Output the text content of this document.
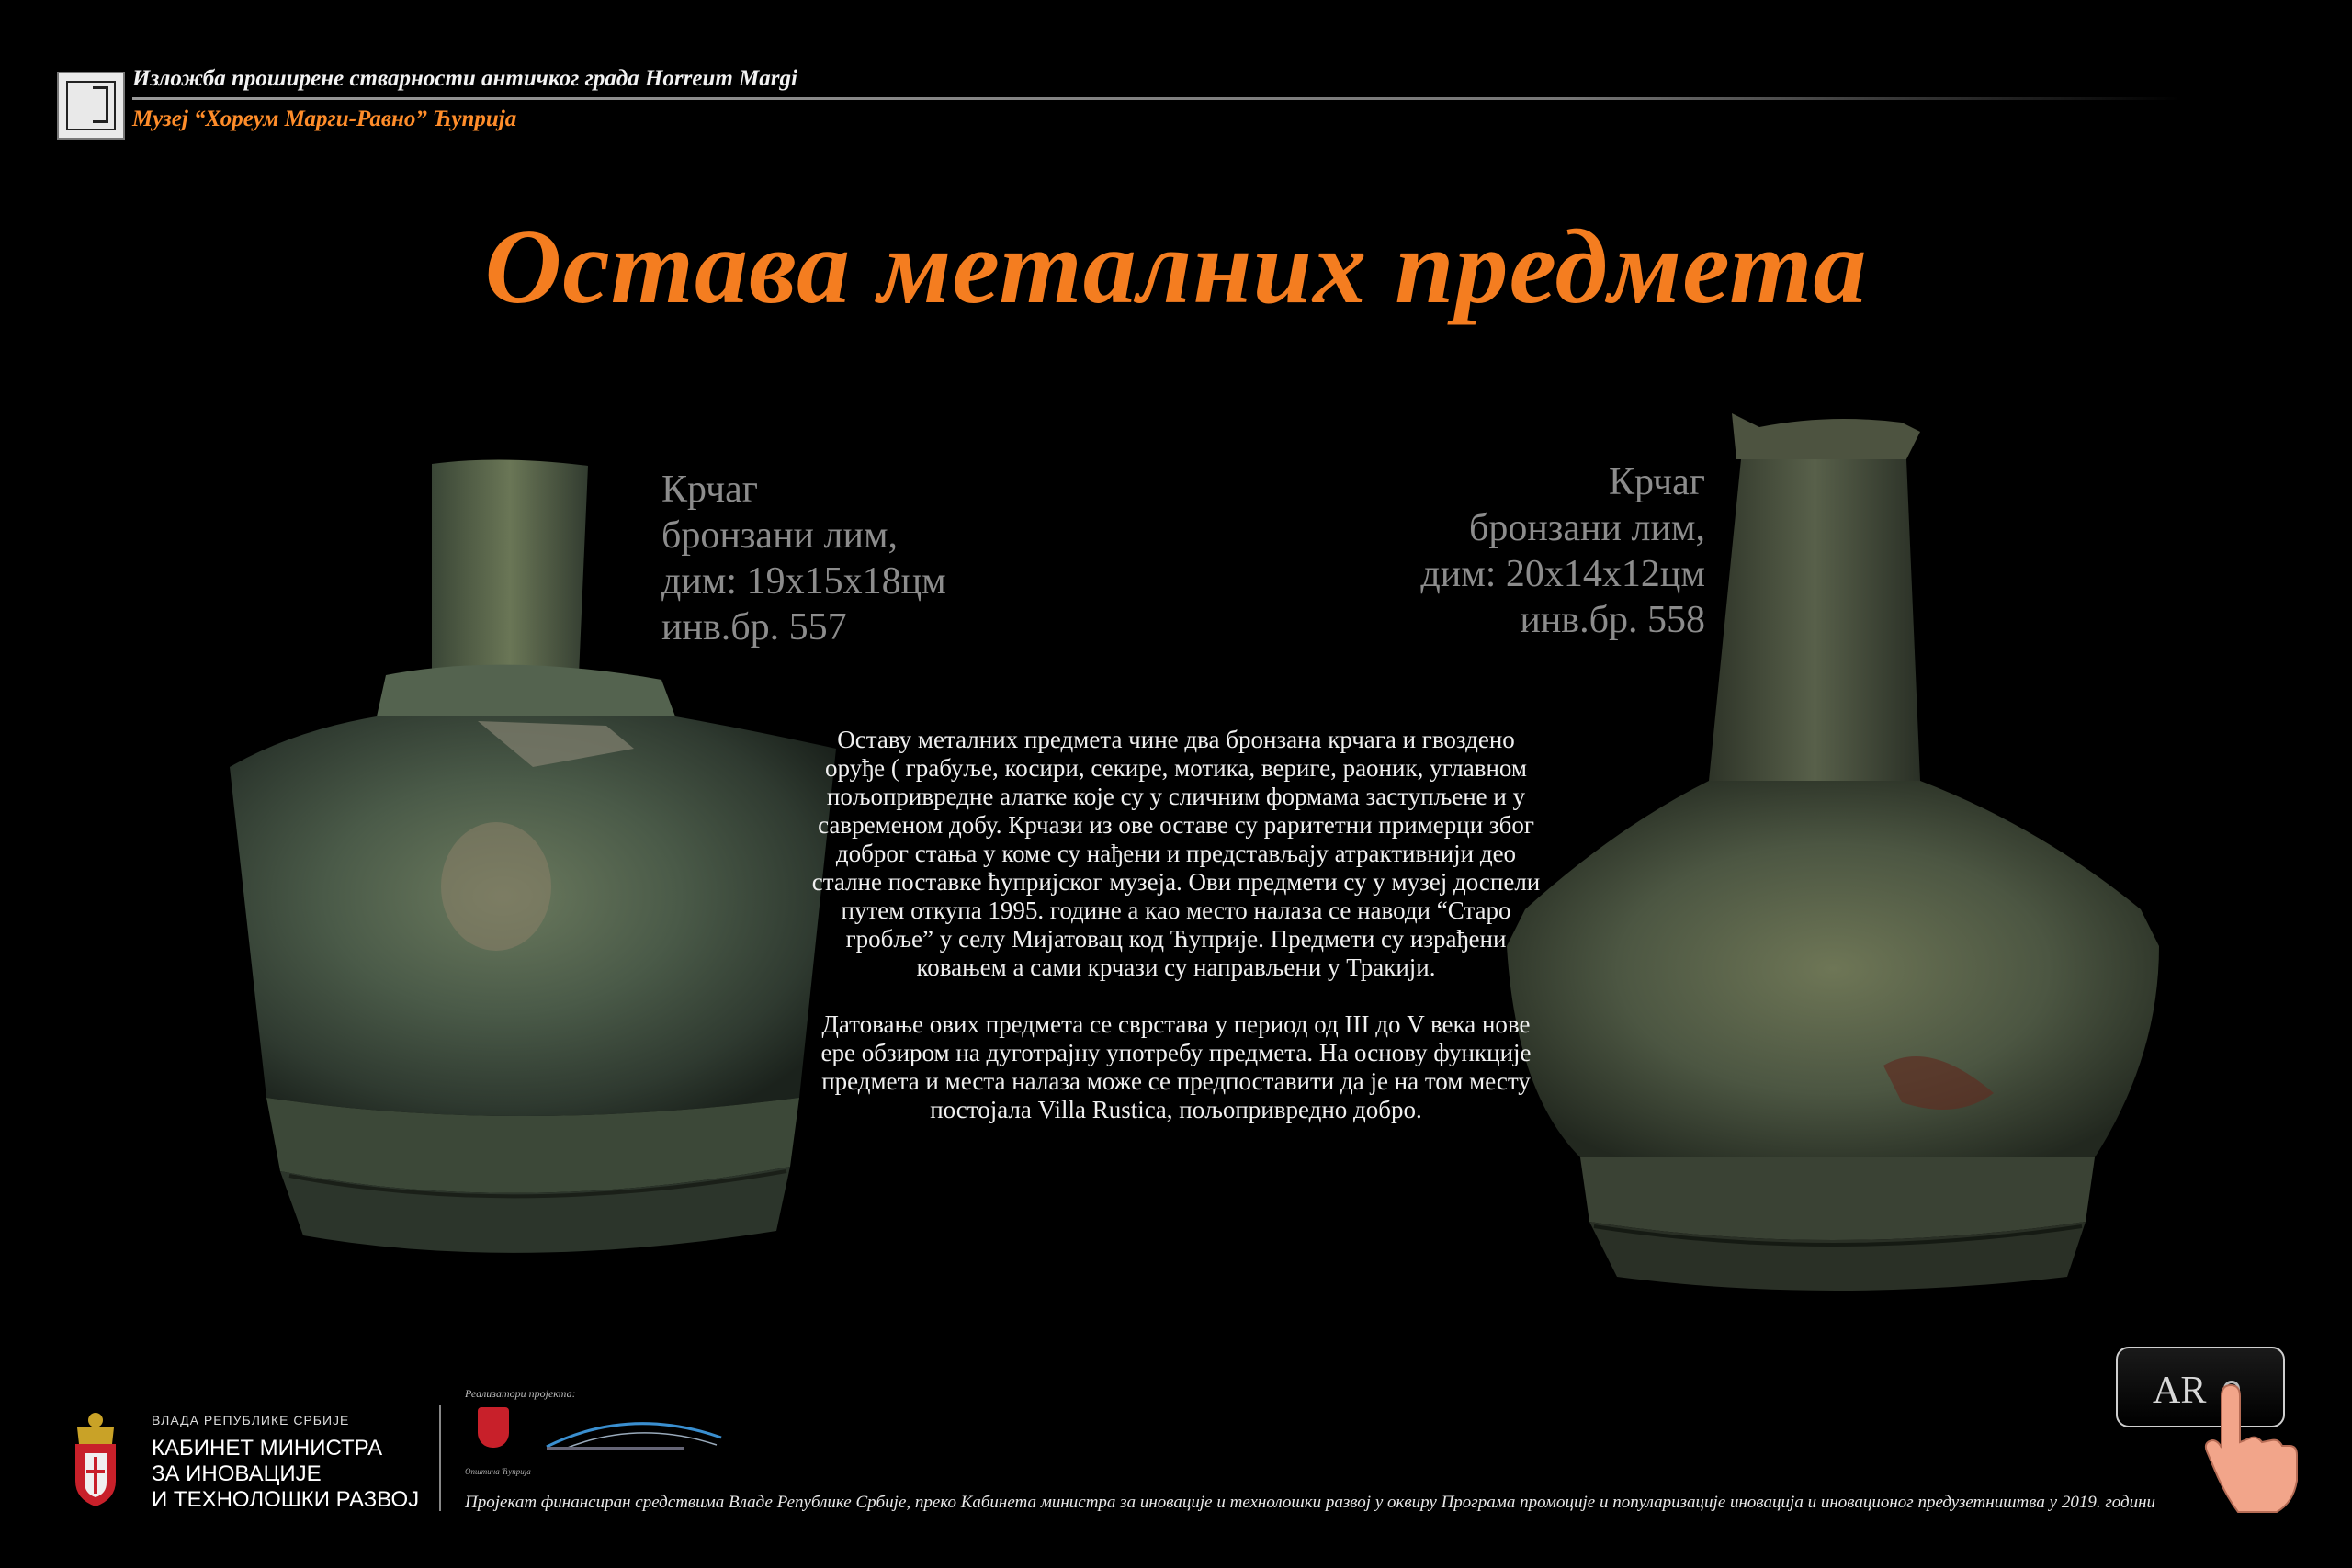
Изложба проширене стварности античког града Horreum Margi
Музеј “Хореум Марги-Равно” Ћуприја
Остава металних предмета
Крчаг
бронзани лим,
дим: 19x15x18цм
инв.бр. 557
Крчаг
бронзани лим,
дим: 20x14x12цм
инв.бр. 558

Оставу металних предмета чине два бронзана крчага и гвоздено оруђе ( грабуље, косири, секире, мотика, вериге, раоник, углавном пољопривредне алатке које су у сличним формама заступљене и у савременом добу. Крчази из ове оставе су раритетни примерци због доброг стања у коме су нађени и представљају атрактивнији део сталне поставке ћупријског музеја. Ови предмети су у музеј доспели путем откупа 1995. године а као место налаза се наводи “Старо гробље” у селу Мијатовац код Ћуприје. Предмети су израђени ковањем а сами крчази су направљени у Тракији.

Датовање ових предмета се сврстава у период од III до V века нове ере обзиром на дуготрајну употребу предмета. На основу функције предмета и места налаза може се предпоставити да је на том месту постојала Villa Rustica, пољопривредно добро.

ВЛАДА РЕПУБЛИКЕ СРБИЈЕ
КАБИНЕТ МИНИСТРА
ЗА ИНОВАЦИЈЕ
И ТЕХНОЛОШКИ РАЗВОЈ
Реализатори пројекта:
Општина Ћуприја
Пројекат финансиран средствима Владе Републике Србије, преко Кабинета министра за иновације и технолошки развој у оквиру Програма промоције и популаризације иновација и иновационог предузетништва у 2019. години
AR
